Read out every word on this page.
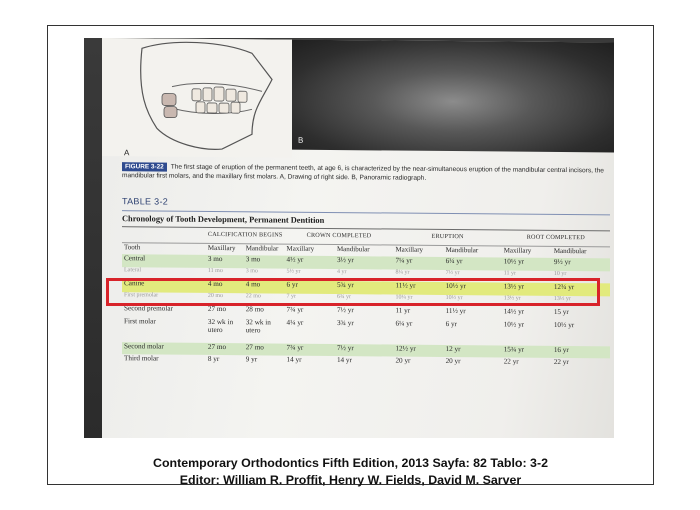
A
B
FIGURE 3-22 The first stage of eruption of the permanent teeth, at age 6, is characterized by the near-simultaneous eruption of the mandibular central incisors, the mandibular first molars, and the maxillary first molars. A, Drawing of right side. B, Panoramic radiograph.
TABLE 3-2
Chronology of Tooth Development, Permanent Dentition
	CALCIFICATION BEGINS		CROWN COMPLETED		ERUPTION		ROOT COMPLETED	
Tooth	Maxillary	Mandibular	Maxillary	Mandibular	Maxillary	Mandibular	Maxillary	Mandibular
Central	3 mo	3 mo	4½ yr	3½ yr	7¼ yr	6¼ yr	10½ yr	9½ yr
Lateral	11 mo	3 mo	5½ yr	4 yr	8¼ yr	7½ yr	11 yr	10 yr
Canine	4 mo	4 mo	6 yr	5¾ yr	11½ yr	10½ yr	13½ yr	12¾ yr
First premolar	20 mo	22 mo	7 yr	6¾ yr	10¼ yr	10½ yr	13½ yr	13½ yr
Second premolar	27 mo	28 mo	7¾ yr	7½ yr	11 yr	11½ yr	14½ yr	15 yr
First molar	32 wk in utero	32 wk in utero	4¼ yr	3¾ yr	6¼ yr	6 yr	10½ yr	10½ yr
Second molar	27 mo	27 mo	7¾ yr	7½ yr	12½ yr	12 yr	15¾ yr	16 yr
Third molar	8 yr	9 yr	14 yr	14 yr	20 yr	20 yr	22 yr	22 yr
Contemporary Orthodontics Fifth Edition, 2013 Sayfa: 82 Tablo: 3-2
Editor: William R. Proffit, Henry W. Fields, David M. Sarver
